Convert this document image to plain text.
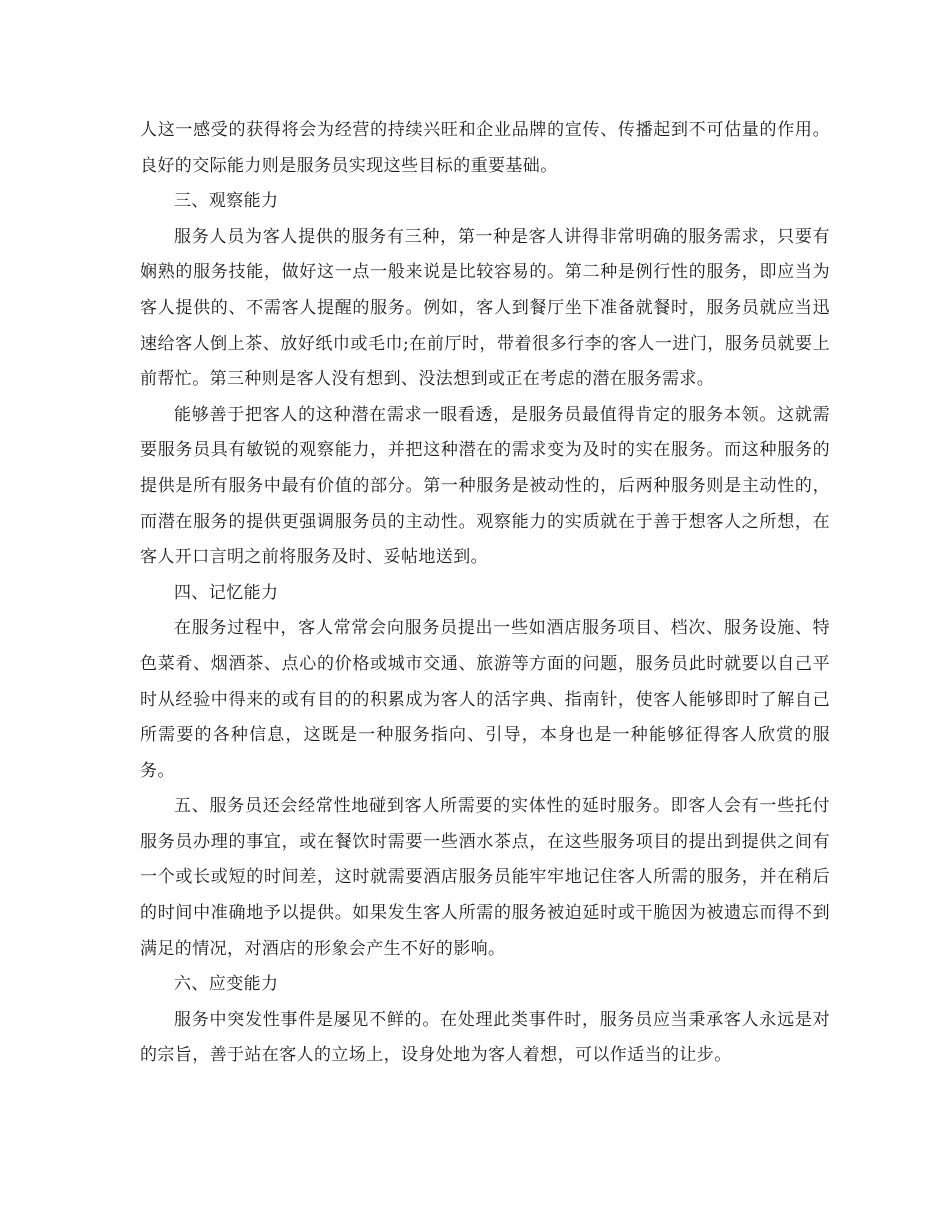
人这一感受的获得将会为经营的持续兴旺和企业品牌的宣传、传播起到不可估量的作用。良好的交际能力则是服务员实现这些目标的重要基础。

三、观察能力

服务人员为客人提供的服务有三种，第一种是客人讲得非常明确的服务需求，只要有娴熟的服务技能，做好这一点一般来说是比较容易的。第二种是例行性的服务，即应当为客人提供的、不需客人提醒的服务。例如，客人到餐厅坐下准备就餐时，服务员就应当迅速给客人倒上茶、放好纸巾或毛巾;在前厅时，带着很多行李的客人一进门，服务员就要上前帮忙。第三种则是客人没有想到、没法想到或正在考虑的潜在服务需求。

能够善于把客人的这种潜在需求一眼看透，是服务员最值得肯定的服务本领。这就需要服务员具有敏锐的观察能力，并把这种潜在的需求变为及时的实在服务。而这种服务的提供是所有服务中最有价值的部分。第一种服务是被动性的，后两种服务则是主动性的，而潜在服务的提供更强调服务员的主动性。观察能力的实质就在于善于想客人之所想，在客人开口言明之前将服务及时、妥帖地送到。

四、记忆能力

在服务过程中，客人常常会向服务员提出一些如酒店服务项目、档次、服务设施、特色菜肴、烟酒茶、点心的价格或城市交通、旅游等方面的问题，服务员此时就要以自己平时从经验中得来的或有目的的积累成为客人的活字典、指南针，使客人能够即时了解自己所需要的各种信息，这既是一种服务指向、引导，本身也是一种能够征得客人欣赏的服务。

五、服务员还会经常性地碰到客人所需要的实体性的延时服务。即客人会有一些托付服务员办理的事宜，或在餐饮时需要一些酒水茶点，在这些服务项目的提出到提供之间有一个或长或短的时间差，这时就需要酒店服务员能牢牢地记住客人所需的服务，并在稍后的时间中准确地予以提供。如果发生客人所需的服务被迫延时或干脆因为被遗忘而得不到满足的情况，对酒店的形象会产生不好的影响。

六、应变能力

服务中突发性事件是屡见不鲜的。在处理此类事件时，服务员应当秉承客人永远是对的宗旨，善于站在客人的立场上，设身处地为客人着想，可以作适当的让步。
